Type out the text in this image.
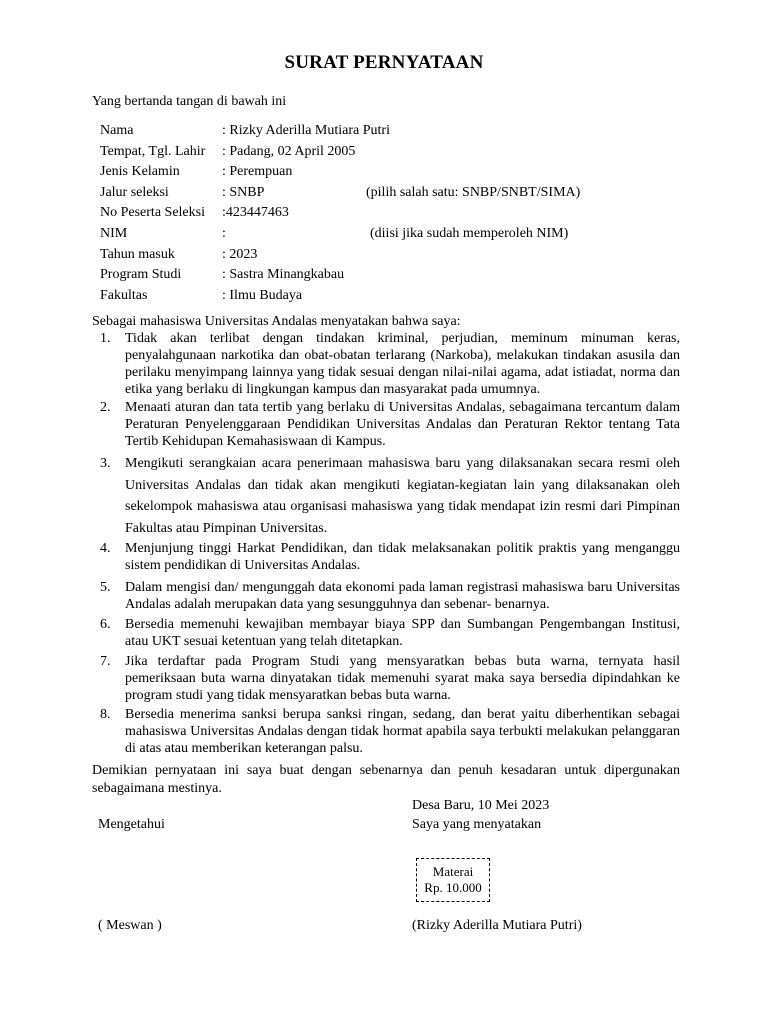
SURAT PERNYATAAN
Yang bertanda tangan di bawah ini
Nama	: Rizky Aderilla Mutiara Putri
Tempat, Tgl. Lahir : Padang, 02 April 2005
Jenis Kelamin	: Perempuan
Jalur seleksi	: SNBP	(pilih salah satu: SNBP/SNBT/SIMA)
No Peserta Seleksi :423447463
NIM	:	(diisi jika sudah memperoleh NIM)
Tahun masuk	: 2023
Program Studi	: Sastra Minangkabau
Fakultas	: Ilmu Budaya
Sebagai mahasiswa Universitas Andalas menyatakan bahwa saya:
1. Tidak akan terlibat dengan tindakan kriminal, perjudian, meminum minuman keras, penyalahgunaan narkotika dan obat-obatan terlarang (Narkoba), melakukan tindakan asusila dan perilaku menyimpang lainnya yang tidak sesuai dengan nilai-nilai agama, adat istiadat, norma dan etika yang berlaku di lingkungan kampus dan masyarakat pada umumnya.
2. Menaati aturan dan tata tertib yang berlaku di Universitas Andalas, sebagaimana tercantum dalam Peraturan Penyelenggaraan Pendidikan Universitas Andalas dan Peraturan Rektor tentang Tata Tertib Kehidupan Kemahasiswaan di Kampus.
3. Mengikuti serangkaian acara penerimaan mahasiswa baru yang dilaksanakan secara resmi oleh Universitas Andalas dan tidak akan mengikuti kegiatan-kegiatan lain yang dilaksanakan oleh sekelompok mahasiswa atau organisasi mahasiswa yang tidak mendapat izin resmi dari Pimpinan Fakultas atau Pimpinan Universitas.
4. Menjunjung tinggi Harkat Pendidikan, dan tidak melaksanakan politik praktis yang menganggu sistem pendidikan di Universitas Andalas.
5. Dalam mengisi dan/ mengunggah data ekonomi pada laman registrasi mahasiswa baru Universitas Andalas adalah merupakan data yang sesungguhnya dan sebenar- benarnya.
6. Bersedia memenuhi kewajiban membayar biaya SPP dan Sumbangan Pengembangan Institusi, atau UKT sesuai ketentuan yang telah ditetapkan.
7. Jika terdaftar pada Program Studi yang mensyaratkan bebas buta warna, ternyata hasil pemeriksaan buta warna dinyatakan tidak memenuhi syarat maka saya bersedia dipindahkan ke program studi yang tidak mensyaratkan bebas buta warna.
8. Bersedia menerima sanksi berupa sanksi ringan, sedang, dan berat yaitu diberhentikan sebagai mahasiswa Universitas Andalas dengan tidak hormat apabila saya terbukti melakukan pelanggaran di atas atau memberikan keterangan palsu.
Demikian pernyataan ini saya buat dengan sebenarnya dan penuh kesadaran untuk dipergunakan sebagaimana mestinya.
Desa Baru, 10 Mei 2023
Mengetahui	Saya yang menyatakan
Materai
Rp. 10.000
( Meswan )	(Rizky Aderilla Mutiara Putri)
